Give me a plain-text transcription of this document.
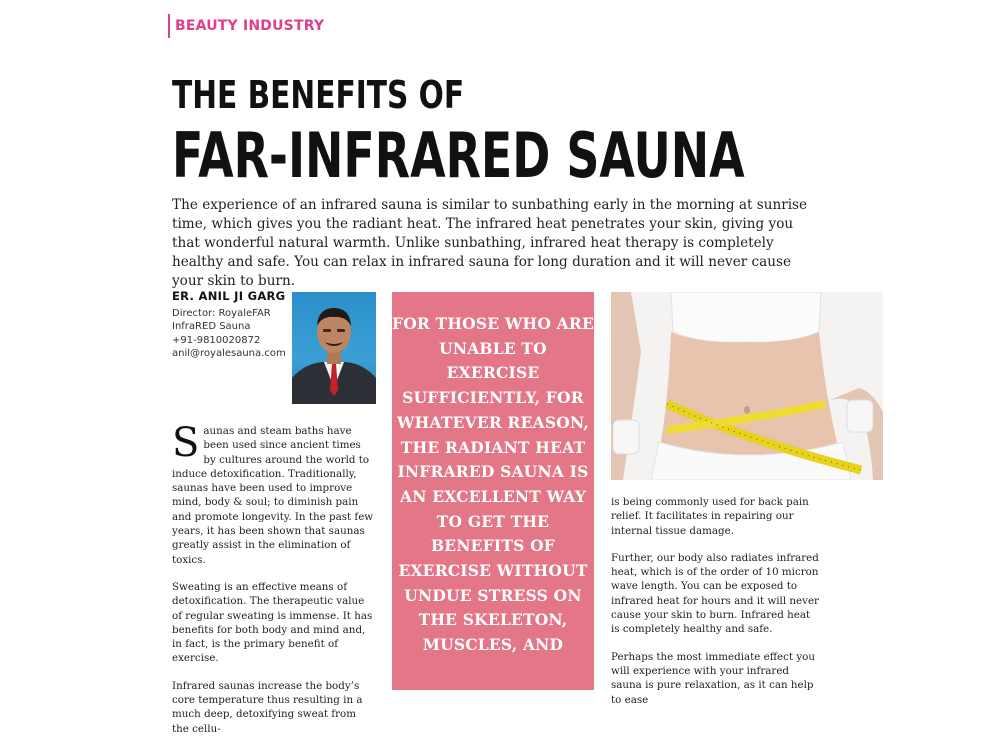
BEAUTY INDUSTRY
THE BENEFITS OF
FAR-INFRARED SAUNA
The experience of an infrared sauna is similar to sunbathing early in the morning at sunrise time, which gives you the radiant heat. The infrared heat penetrates your skin, giving you that wonderful natural warmth. Unlike sunbathing, infrared heat therapy is completely healthy and safe. You can relax in infrared sauna for long duration and it will never cause your skin to burn.
ER. ANIL JI GARG
Director: RoyaleFAR
InfraRED Sauna
+91-9810020872
anil@royalesauna.com

Saunas and steam baths have been used since ancient times by cultures around the world to induce detoxification. Traditionally, saunas have been used to improve mind, body & soul; to diminish pain and promote longevity. In the past few years, it has been shown that saunas greatly assist in the elimination of toxics.

Sweating is an effective means of detoxification. The therapeutic value of regular sweating is immense. It has benefits for both body and mind and, in fact, is the primary benefit of exercise.

Infrared saunas increase the body’s core temperature thus resulting in a much deep, detoxifying sweat from the cellu-

FOR THOSE WHO ARE UNABLE TO EXERCISE SUFFICIENTLY, FOR WHATEVER REASON, THE RADIANT HEAT INFRARED SAUNA IS AN EXCELLENT WAY TO GET THE BENEFITS OF EXERCISE WITHOUT UNDUE STRESS ON THE SKELETON, MUSCLES, AND

is being commonly used for back pain relief. It facilitates in repairing our internal tissue damage.

Further, our body also radiates infrared heat, which is of the order of 10 micron wave length. You can be exposed to infrared heat for hours and it will never cause your skin to burn. Infrared heat is completely healthy and safe.

Perhaps the most immediate effect you will experience with your infrared sauna is pure relaxation, as it can help to ease
